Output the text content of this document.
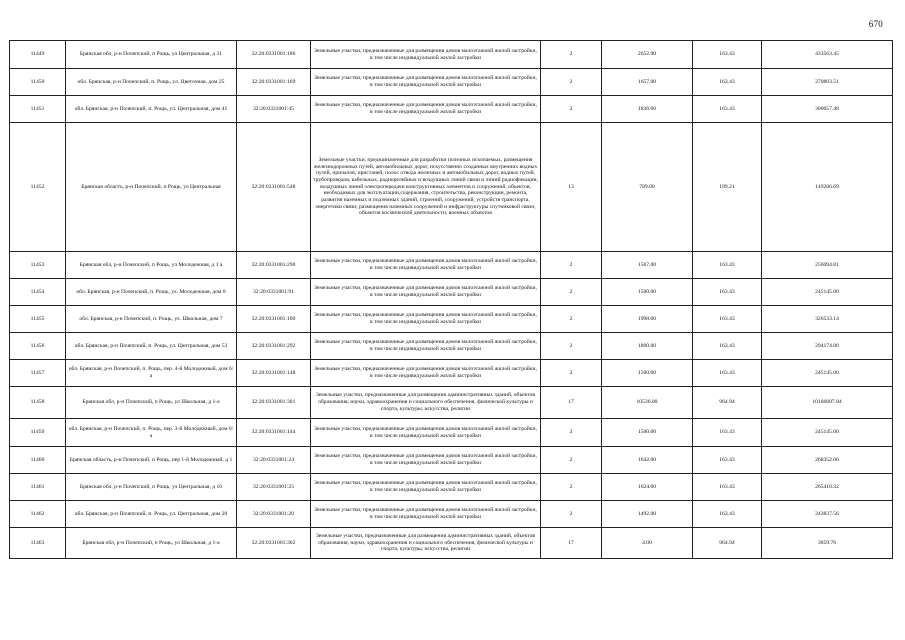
670
11449	Брянская обл, р-н Почепский, п Рощь, ул Центральная, д 31	32:20:0331001:186	Земельные участки, предназначенные для размещения домов малоэтажной жилой застройки, в том числе индивидуальной жилой застройки	2	2652.90	163.43	433563.45
11450	обл. Брянская, р-н Почепский, п. Рощь, ул. Цветочная, дом 25	32:20:0331001:169	Земельные участки, предназначенные для размещения домов малоэтажной жилой застройки, в том числе индивидуальной жилой застройки	2	1657.00	163.43	270803.51
11451	обл. Брянская, р-н Почепский, п. Рощь, ул. Центральная, дом 41	32:20:0331001:45	Земельные участки, предназначенные для размещения домов малоэтажной жилой застройки, в том числе индивидуальной жилой застройки	2	1836.00	163.43	300057.48
11452	Брянская область, р-н Почепский, п Рощь, ул Центральная	32:20:0331001:548	Земельные участки, предназначенные для разработки полезных ископаемых, размещения железнодорожных путей, автомобильных дорог, искусственно созданных внутренних водных путей, причалов, пристаней, полос отвода железных и автомобильных дорог, водных путей, трубопроводов, кабельных, радиорелейных и воздушных линий связи и линий радиофикации, воздушных линий электропередачи конструктивных элементов и сооружений, объектов, необходимых для эксплуатации,содержания, строительства, реконструкции, ремонта, развития наземных и подземных зданий, строений, сооружений, устройств транспорта, энергетики связи; размещения наземных сооружений и инфраструктуры спутниковой связи, объектов космической деятельности, военных объектов	13	789.00	189.21	149286.69
11453	Брянская обл, р-н Почепский, п Рощь, ул Молодежная, д 1 а	32:20:0331001:290	Земельные участки, предназначенные для размещения домов малоэтажной жилой застройки, в том числе индивидуальной жилой застройки	2	1567.00	163.43	256094.81
11454	обл. Брянская, р-н Почепский, п. Рощь, ул. Молодежная, дом 8	32:20:0331001:91	Земельные участки, предназначенные для размещения домов малоэтажной жилой застройки, в том числе индивидуальной жилой застройки	2	1500.00	163.43	245145.00
11455	обл. Брянская, р-н Почепский, п. Рощь, ул. Школьная, дом 7	32:20:0331001:100	Земельные участки, предназначенные для размещения домов малоэтажной жилой застройки, в том числе индивидуальной жилой застройки	2	1998.00	163.43	326533.14
11456	обл. Брянская, р-н Почепский, п. Рощь, ул. Центральная, дом 53	32:20:0331001:292	Земельные участки, предназначенные для размещения домов малоэтажной жилой застройки, в том числе индивидуальной жилой застройки	2	1800.00	163.43	294174.00
11457	обл. Брянская, р-н Почепский, п. Рощь, пер. 4-й Молодежный, дом 6/а	32:20:0331001:148	Земельные участки, предназначенные для размещения домов малоэтажной жилой застройки, в том числе индивидуальной жилой застройки	2	1500.00	163.43	245145.00
11458	Брянская обл, р-н Почепский, п Рощь, ул Школьная, д 1-а	32:20:0331001:301	Земельные участки, предназначенные для размещения административных зданий, объектов образования, науки, здравоохранения и социального обеспечения, физической культуры и спорта, культуры, искусства, религии	17	10536.00	964.94	10166607.84
11459	обл. Брянская, р-н Почепский, п. Рощь, пер. 3-й Молодежный, дом 6/а	32:20:0331001:144	Земельные участки, предназначенные для размещения домов малоэтажной жилой застройки, в том числе индивидуальной жилой застройки	2	1500.00	163.43	245145.00
11460	Брянская область, р-н Почепский, п Рощь, пер 1-й Молодежный, д 1	32:20:0331001:24	Земельные участки, предназначенные для размещения домов малоэтажной жилой застройки, в том числе индивидуальной жилой застройки	2	1642.00	163.43	268352.06
11461	Брянская обл, р-н Почепский, п Рощь, ул Центральная, д 16	32:20:0331001:25	Земельные участки, предназначенные для размещения домов малоэтажной жилой застройки, в том числе индивидуальной жилой застройки	2	1624.00	163.43	265410.32
11462	обл. Брянская, р-н Почепский, п. Рощь, ул. Центральная, дом 20	32:20:0331001:20	Земельные участки, предназначенные для размещения домов малоэтажной жилой застройки, в том числе индивидуальной жилой застройки	2	1492.00	163.43	243837.56
11463	Брянская обл, р-н Почепский, п Рощь, ул Школьная, д 1-а	32:20:0331001:302	Земельные участки, предназначенные для размещения административных зданий, объектов образования, науки, здравоохранения и социального обеспечения, физической культуры и спорта, культуры, искусства, религии	17	4.00	964.94	3859.76
